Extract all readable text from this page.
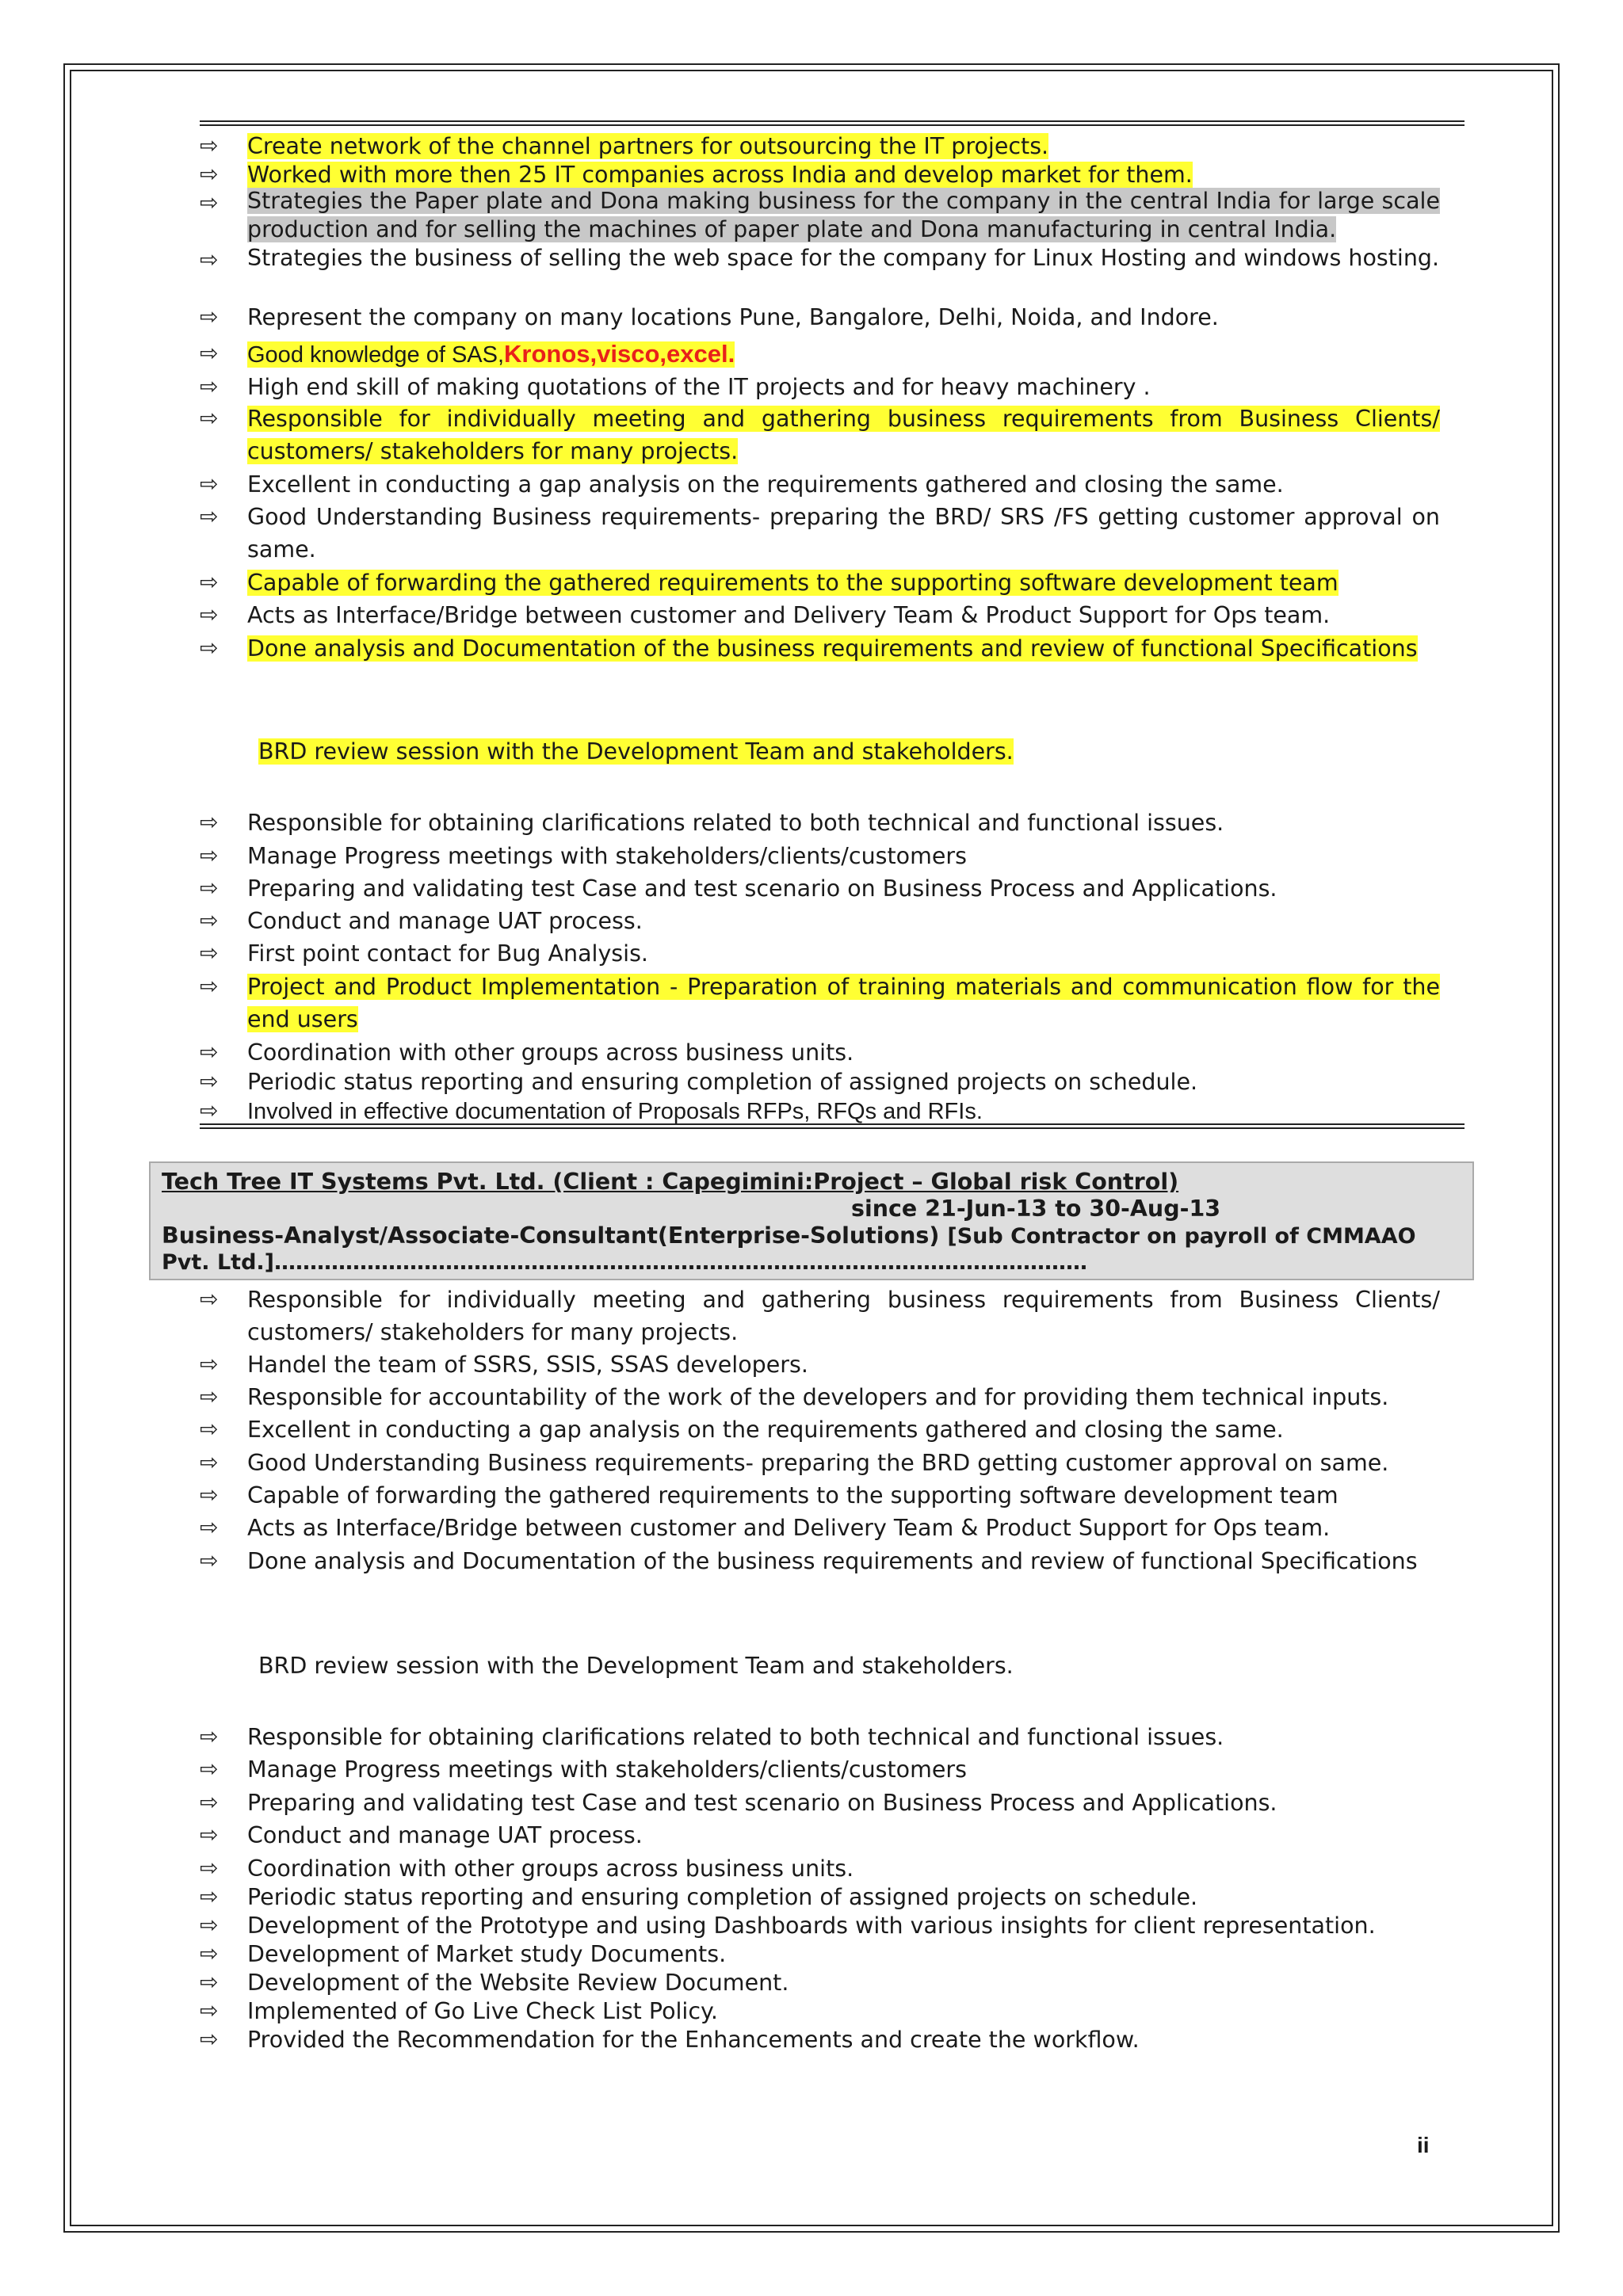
⇨ Create network of the channel partners for outsourcing the IT projects.
⇨ Worked with more then 25 IT companies across India and develop market for them.
⇨ Strategies the Paper plate and Dona making business for the company in the central India for large scale production and for selling the machines of paper plate and Dona manufacturing in central India.
⇨ Strategies the business of selling the web space for the company for Linux Hosting and windows hosting.
⇨ Represent the company on many locations Pune, Bangalore, Delhi, Noida, and Indore.
⇨ Good knowledge of SAS,Kronos,visco,excel.
⇨ High end skill of making quotations of the IT projects and for heavy machinery .
⇨ Responsible for individually meeting and gathering business requirements from Business Clients/ customers/ stakeholders for many projects.
⇨ Excellent in conducting a gap analysis on the requirements gathered and closing the same.
⇨ Good Understanding Business requirements- preparing the BRD/ SRS /FS getting customer approval on same.
⇨ Capable of forwarding the gathered requirements to the supporting software development team
⇨ Acts as Interface/Bridge between customer and Delivery Team & Product Support for Ops team.
⇨ Done analysis and Documentation of the business requirements and review of functional Specifications
BRD review session with the Development Team and stakeholders.
⇨ Responsible for obtaining clarifications related to both technical and functional issues.
⇨ Manage Progress meetings with stakeholders/clients/customers
⇨ Preparing and validating test Case and test scenario on Business Process and Applications.
⇨ Conduct and manage UAT process.
⇨ First point contact for Bug Analysis.
⇨ Project and Product Implementation - Preparation of training materials and communication flow for the end users
⇨ Coordination with other groups across business units.
⇨ Periodic status reporting and ensuring completion of assigned projects on schedule.
⇨ Involved in effective documentation of Proposals RFPs, RFQs and RFIs.
Tech Tree IT Systems Pvt. Ltd. (Client : Capegimini:Project – Global risk Control)
since 21-Jun-13 to 30-Aug-13
Business-Analyst/Associate-Consultant(Enterprise-Solutions) [Sub Contractor on payroll of CMMAAO
Pvt. Ltd.]……………………………………………………………………………………………………
⇨ Responsible for individually meeting and gathering business requirements from Business Clients/ customers/ stakeholders for many projects.
⇨ Handel the team of SSRS, SSIS, SSAS developers.
⇨ Responsible for accountability of the work of the developers and for providing them technical inputs.
⇨ Excellent in conducting a gap analysis on the requirements gathered and closing the same.
⇨ Good Understanding Business requirements- preparing the BRD getting customer approval on same.
⇨ Capable of forwarding the gathered requirements to the supporting software development team
⇨ Acts as Interface/Bridge between customer and Delivery Team & Product Support for Ops team.
⇨ Done analysis and Documentation of the business requirements and review of functional Specifications
BRD review session with the Development Team and stakeholders.
⇨ Responsible for obtaining clarifications related to both technical and functional issues.
⇨ Manage Progress meetings with stakeholders/clients/customers
⇨ Preparing and validating test Case and test scenario on Business Process and Applications.
⇨ Conduct and manage UAT process.
⇨ Coordination with other groups across business units.
⇨ Periodic status reporting and ensuring completion of assigned projects on schedule.
⇨ Development of the Prototype and using Dashboards with various insights for client representation.
⇨ Development of Market study Documents.
⇨ Development of the Website Review Document.
⇨ Implemented of Go Live Check List Policy.
⇨ Provided the Recommendation for the Enhancements and create the workflow.
ii
